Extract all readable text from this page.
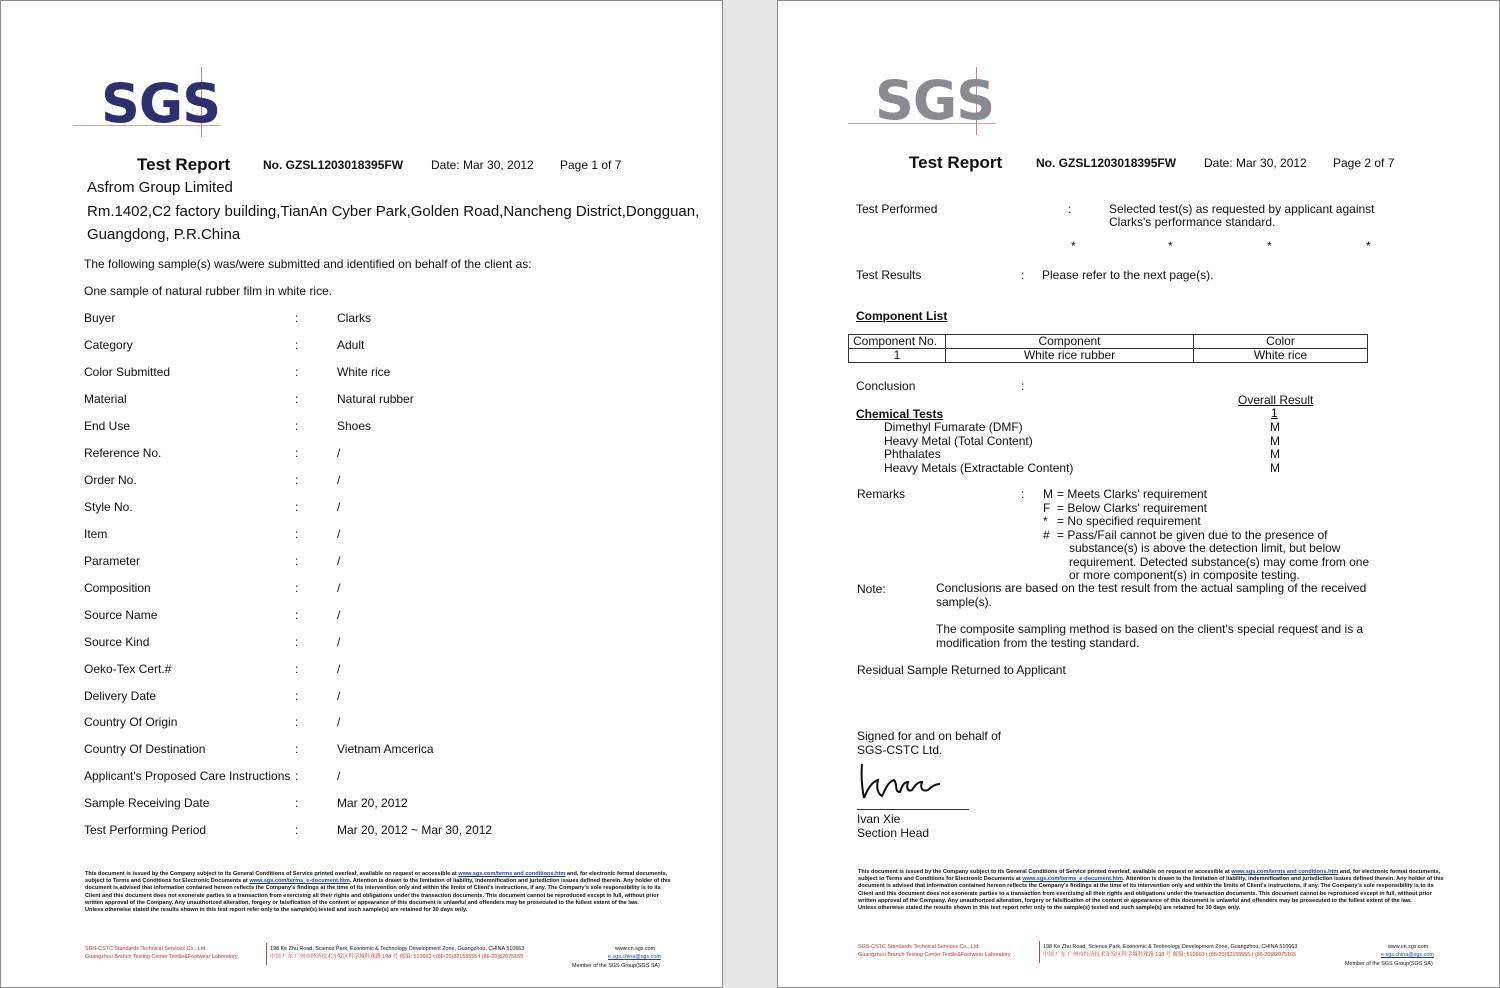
SGS
Test Report	No. GZSL1203018395FW Date: Mar 30, 2012 Page 1 of 7
Asfrom Group Limited
Rm.1402,C2 factory building,TianAn Cyber Park,Golden Road,Nancheng District,Dongguan,
Guangdong, P.R.China
The following sample(s) was/were submitted and identified on behalf of the client as:
One sample of natural rubber film in white rice.
Buyer	:	Clarks
Category	:	Adult
Color Submitted	:	White rice
Material	:	Natural rubber
End Use	:	Shoes
Reference No.	:	/
Order No.	:	/
Style No.	:	/
Item	:	/
Parameter	:	/
Composition	:	/
Source Name	:	/
Source Kind	:	/
Oeko-Tex Cert.#	:	/
Delivery Date	:	/
Country Of Origin	:	/
Country Of Destination	:	Vietnam Amcerica
Applicant's Proposed Care Instructions :	/
Sample Receiving Date	:	Mar 20, 2012
Test Performing Period	:	Mar 20, 2012 ~ Mar 30, 2012
This document is issued by the Company subject to its General Conditions of Service printed overleaf, available on request or accessible at www.sgs.com/terms and conditions.htm and, for electronic format documents, subject to Terms and Conditions for Electronic Documents at www.sgs.com/terms_e-document.htm. Attention is drawn to the limitation of liability, indemnification and jurisdiction issues defined therein. Any holder of this document is advised that information contained hereon reflects the Company's findings at the time of its intervention only and within the limits of Client's instructions, if any. The Company's sole responsibility is to its Client and this document does not exonerate parties to a transaction from exercising all their rights and obligations under the transaction documents. This document cannot be reproduced except in full, without prior written approval of the Company. Any unauthorized alteration, forgery or falsification of the content or appearance of this document is unlawful and offenders may be prosecuted to the fullest extent of the law.
Unless otherwise stated the results shown in this test report refer only to the sample(s) tested and such sample(s) are retained for 30 days only.
SGS-CSTC Standards Technical Services Co., Ltd.
Guangzhou Branch Testing Center Textile&Footwear Laboratory
198 Ke Zhu Road, Science Park, Economic & Technology Development Zone, Guangzhou, CHINA 510663
中国 广东 广州市经济技术开发区科学城科珠路 198 号 邮编: 510663 t (86-20)82155555 f (86-20)82075165
www.cn.sgs.com
e sgs.china@sgs.com
Member of the SGS Group(SGS SA)
SGS
Test Report	No. GZSL1203018395FW Date: Mar 30, 2012 Page 2 of 7
Test Performed	:	Selected test(s) as requested by applicant against
Clarks's performance standard.
*	*	*	*
Test Results	: Please refer to the next page(s).
Component List
Component No.	Component	Color
1	White rice rubber	White rice
Conclusion	:
Overall Result
Chemical Tests	1
Dimethyl Fumarate (DMF)	M
Heavy Metal (Total Content)	M
Phthalates	M
Heavy Metals (Extractable Content)	M
Remarks	: M = Meets Clarks' requirement
F = Below Clarks' requirement
* = No specified requirement
# = Pass/Fail cannot be given due to the presence of
substance(s) is above the detection limit, but below
requirement. Detected substance(s) may come from one
or more component(s) in composite testing.
Note:	Conclusions are based on the test result from the actual sampling of the received
sample(s).
The composite sampling method is based on the client's special request and is a
modification from the testing standard.
Residual Sample Returned to Applicant
Signed for and on behalf of
SGS-CSTC Ltd.
Ivan Xie
Section Head
This document is issued by the Company subject to its General Conditions of Service printed overleaf, available on request or accessible at www.sgs.com/terms and conditions.htm and, for electronic format documents, subject to Terms and Conditions for Electronic Documents at www.sgs.com/terms_e-document.htm. Attention is drawn to the limitation of liability, indemnification and jurisdiction issues defined therein. Any holder of this document is advised that information contained hereon reflects the Company's findings at the time of its intervention only and within the limits of Client's instructions, if any. The Company's sole responsibility is to its Client and this document does not exonerate parties to a transaction from exercising all their rights and obligations under the transaction documents. This document cannot be reproduced except in full, without prior written approval of the Company. Any unauthorized alteration, forgery or falsification of the content or appearance of this document is unlawful and offenders may be prosecuted to the fullest extent of the law.
Unless otherwise stated the results shown in this test report refer only to the sample(s) tested and such sample(s) are retained for 30 days only.
SGS-CSTC Standards Technical Services Co., Ltd.
Guangzhou Branch Testing Center Textile&Footwear Laboratory
198 Ke Zhu Road, Science Park, Economic & Technology Development Zone, Guangzhou, CHINA 510663
中国 广东 广州市经济技术开发区科学城科珠路 198 号 邮编: 510663 t (86-20)82155555 f (86-20)82075165
www.cn.sgs.com
e sgs.china@sgs.com
Member of the SGS Group(SGS SA)
